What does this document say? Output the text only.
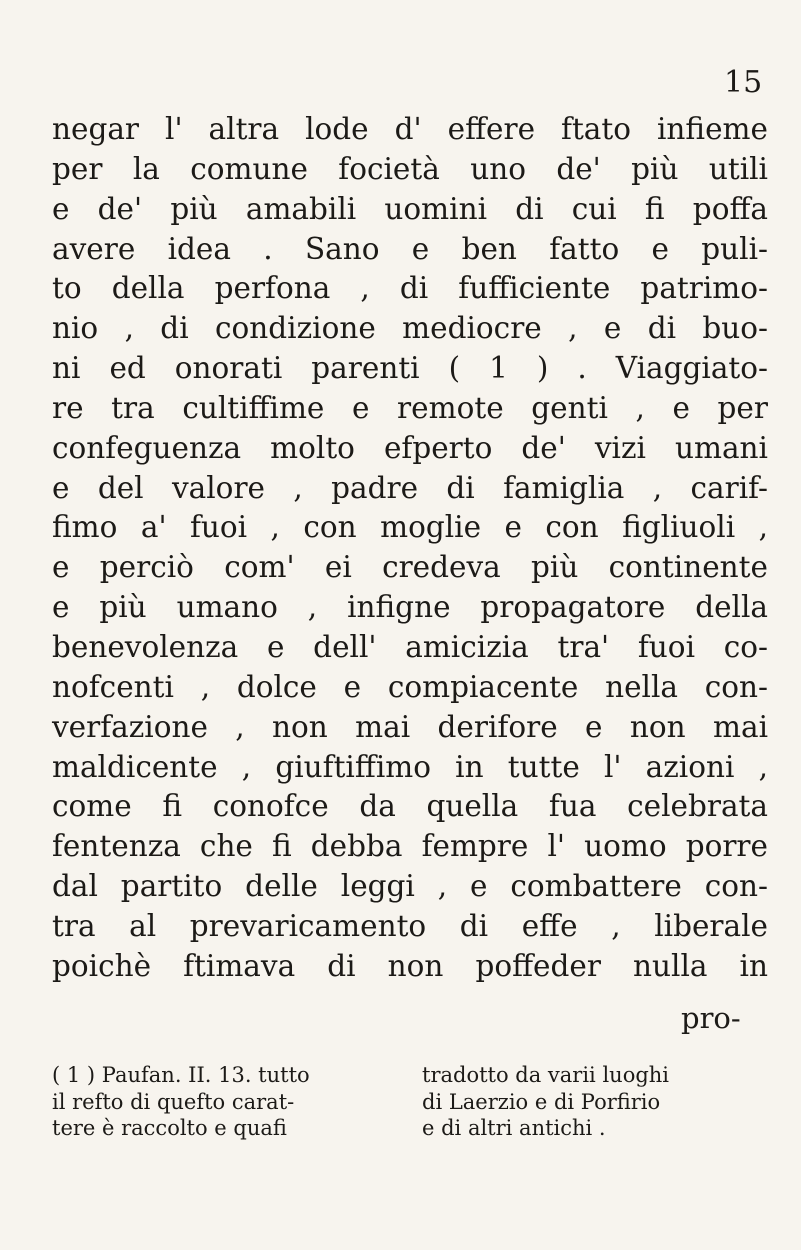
15
negar l' altra lode d' effere ftato infieme
per la comune focietà uno de' più utili
e de' più amabili uomini di cui fi poffa
avere idea . Sano e ben fatto e puli-
to della perfona , di fufficiente patrimo-
nio , di condizione mediocre , e di buo-
ni ed onorati parenti ( 1 ) . Viaggiato-
re tra cultiffime e remote genti , e per
confeguenza molto efperto de' vizi umani
e del valore , padre di famiglia , carif-
fimo a' fuoi , con moglie e con figliuoli ,
e perciò com' ei credeva più continente
e più umano , infigne propagatore della
benevolenza e dell' amicizia tra' fuoi co-
nofcenti , dolce e compiacente nella con-
verfazione , non mai derifore e non mai
maldicente , giuftiffimo in tutte l' azioni ,
come fi conofce da quella fua celebrata
fentenza che fi debba fempre l' uomo porre
dal partito delle leggi , e combattere con-
tra al prevaricamento di effe , liberale
poichè ftimava di non poffeder nulla in
pro-
( 1 ) Paufan. II. 13. tutto
il refto di quefto carat-
tere è raccolto e quafi
tradotto da varii luoghi
di Laerzio e di Porfirio
e di altri antichi .
